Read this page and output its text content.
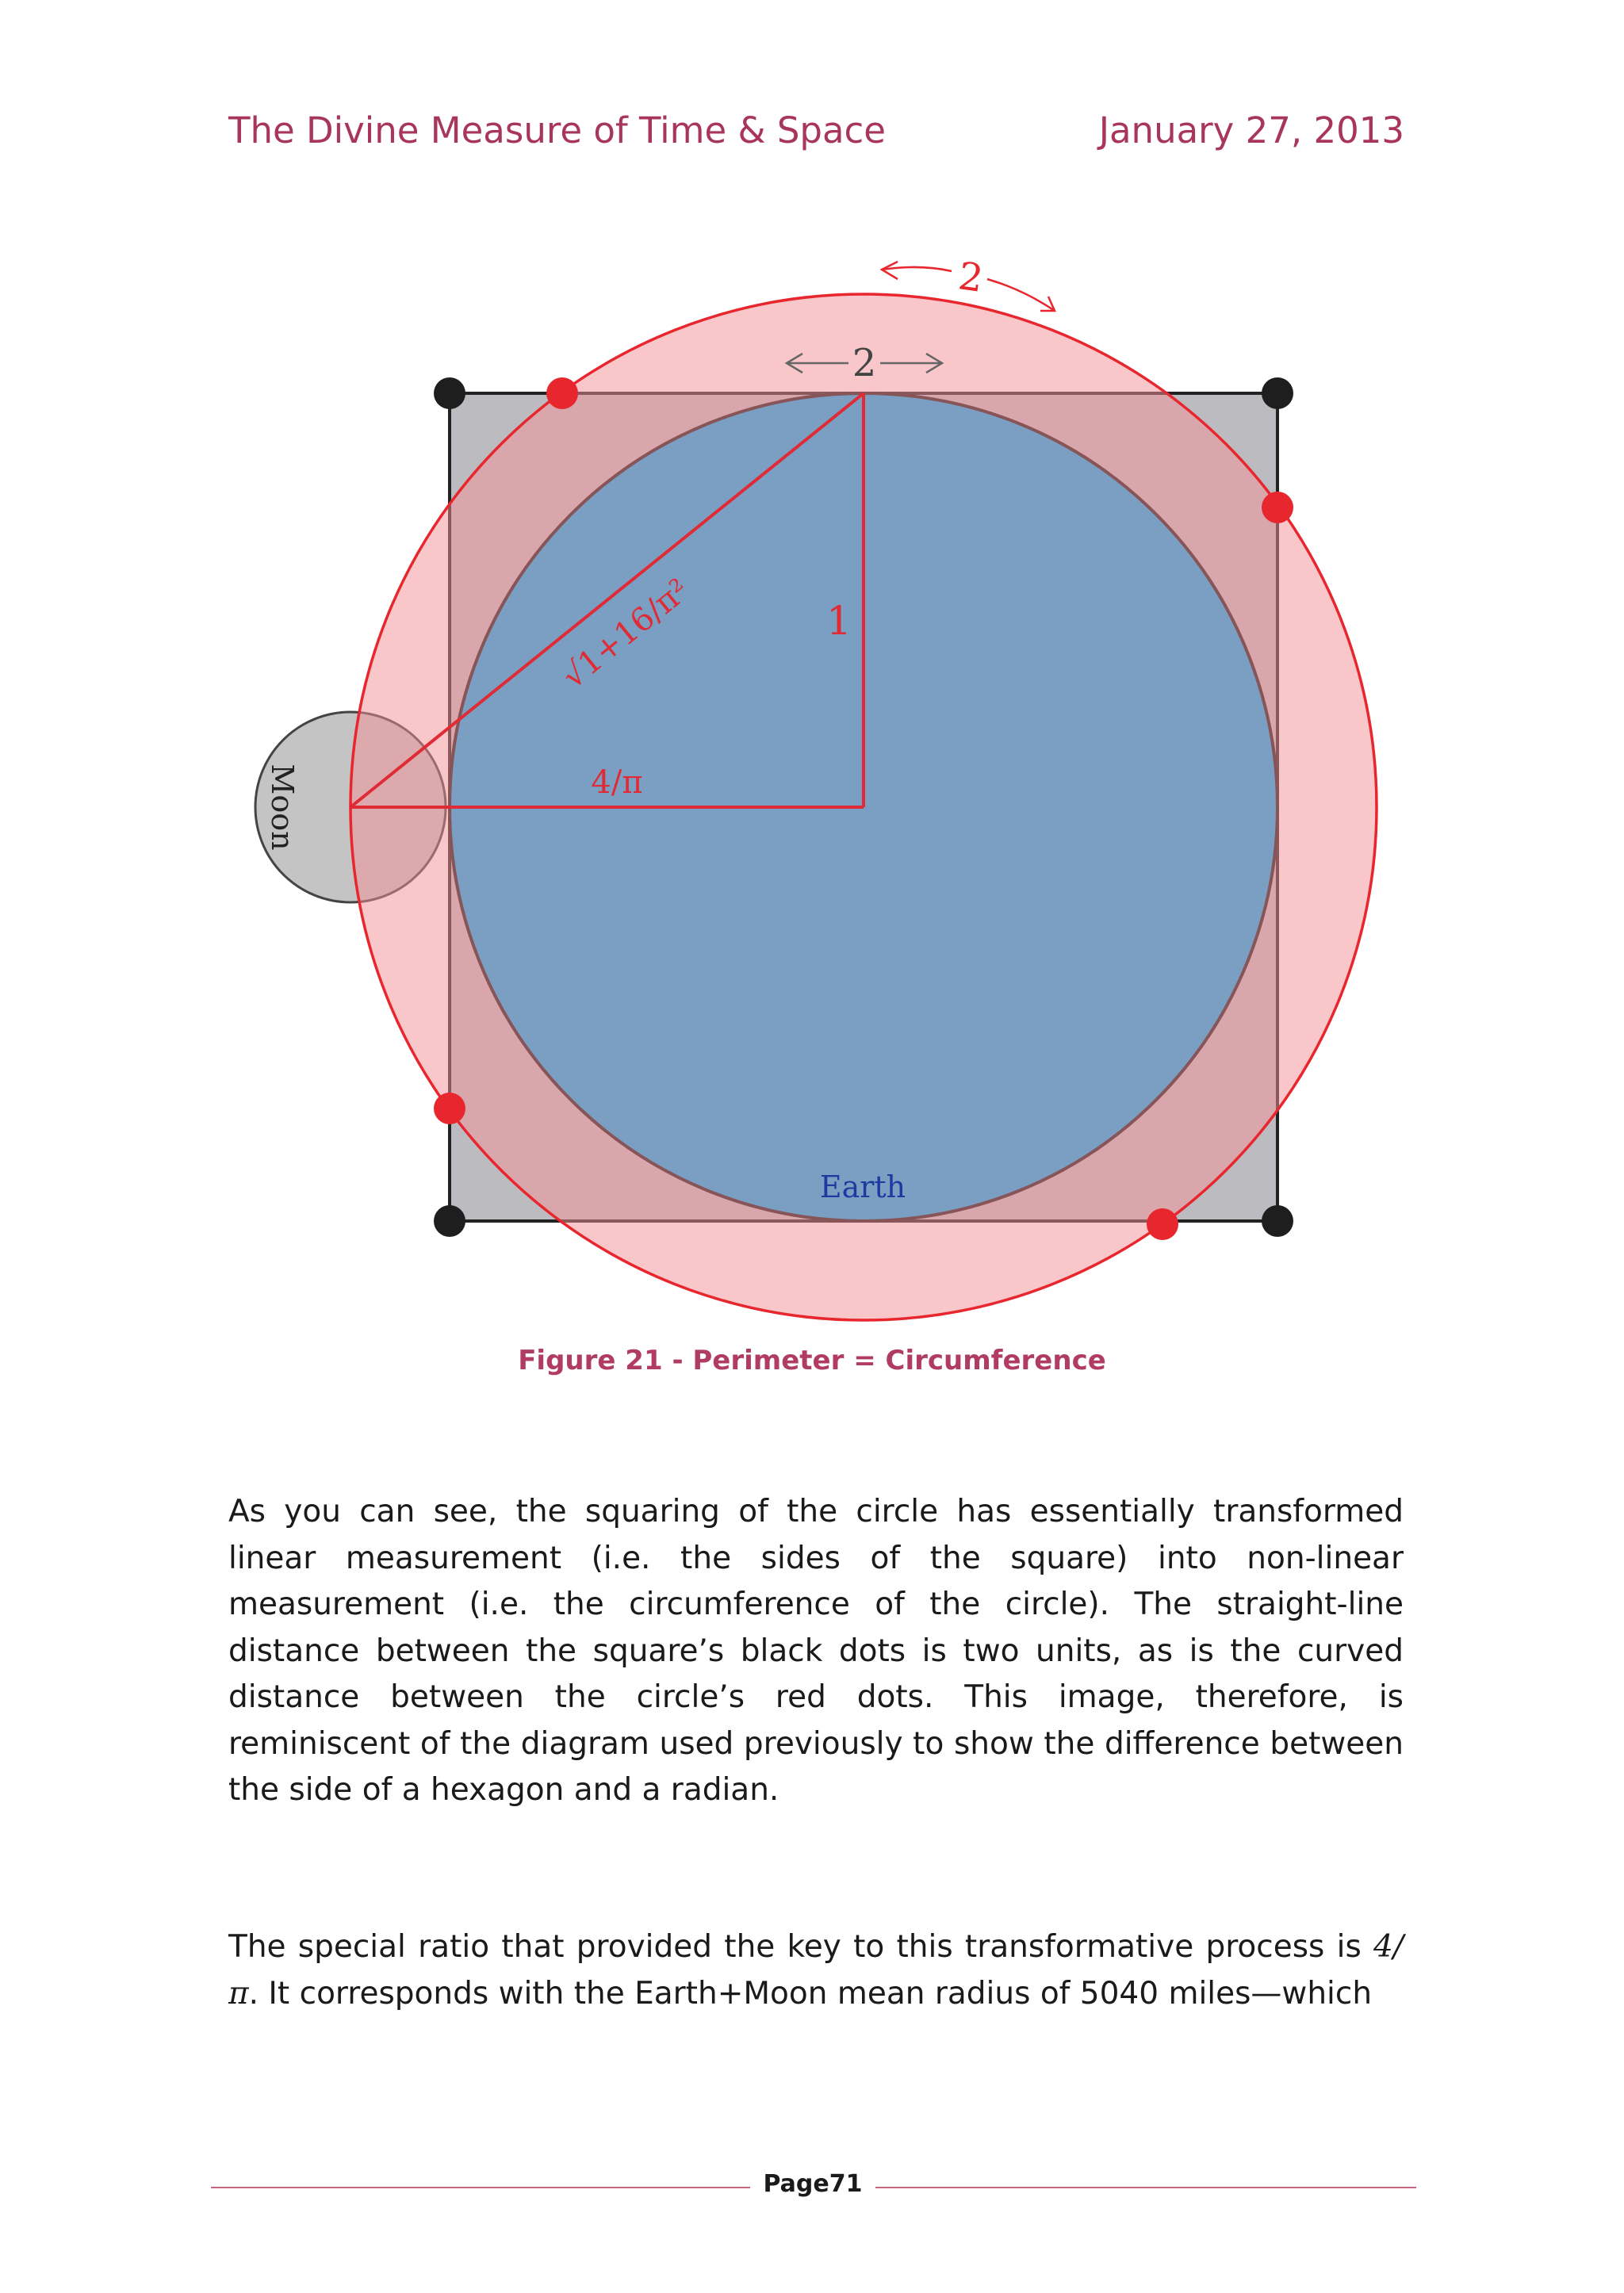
The Divine Measure of Time & Space	January 27, 2013
2
2
1
4/π
√1+16/π²
Moon
Earth
Figure 21 - Perimeter = Circumference

As you can see, the squaring of the circle has essentially transformed linear measurement (i.e. the sides of the square) into non-linear measurement (i.e. the circumference of the circle). The straight-line distance between the square’s black dots is two units, as is the curved distance between the circle’s red dots. This image, therefore, is reminiscent of the diagram used previously to show the difference between the side of a hexagon and a radian.

The special ratio that provided the key to this transformative process is 4/π. It corresponds with the Earth+Moon mean radius of 5040 miles—which

Page71
